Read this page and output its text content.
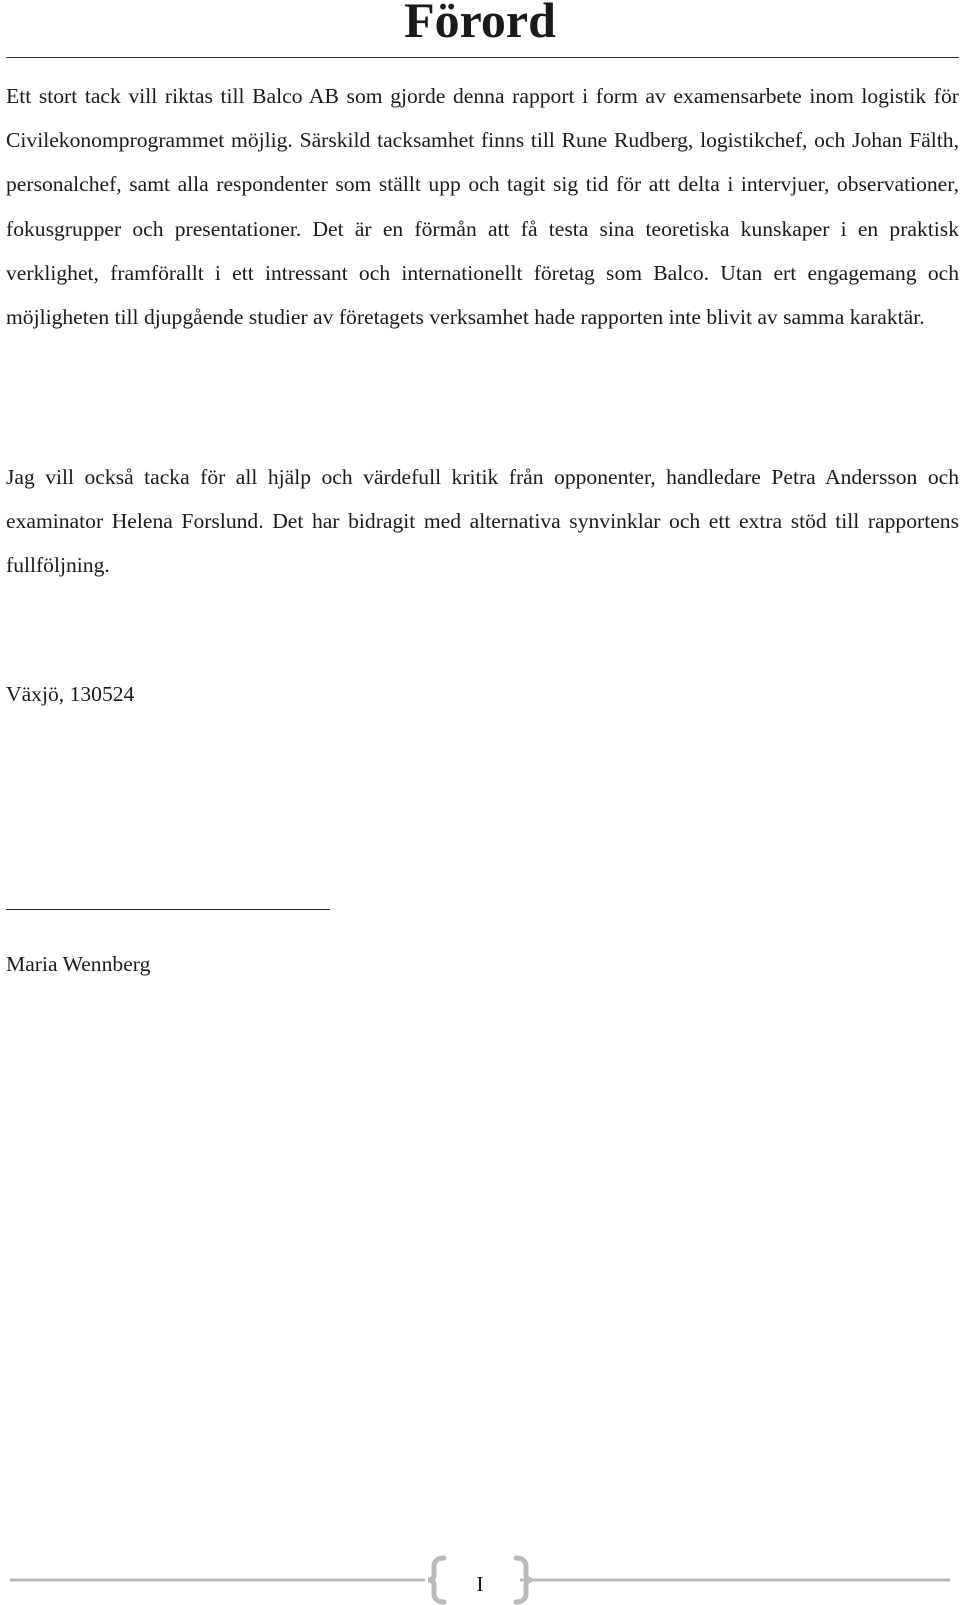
Förord

Ett stort tack vill riktas till Balco AB som gjorde denna rapport i form av examensarbete inom logistik för Civilekonomprogrammet möjlig. Särskild tacksamhet finns till Rune Rudberg, logistikchef, och Johan Fälth, personalchef, samt alla respondenter som ställt upp och tagit sig tid för att delta i intervjuer, observationer, fokusgrupper och presentationer. Det är en förmån att få testa sina teoretiska kunskaper i en praktisk verklighet, framförallt i ett intressant och internationellt företag som Balco. Utan ert engagemang och möjligheten till djupgående studier av företagets verksamhet hade rapporten inte blivit av samma karaktär.

Jag vill också tacka för all hjälp och värdefull kritik från opponenter, handledare Petra Andersson och examinator Helena Forslund. Det har bidragit med alternativa synvinklar och ett extra stöd till rapportens fullföljning.

Växjö, 130524

Maria Wennberg

I
